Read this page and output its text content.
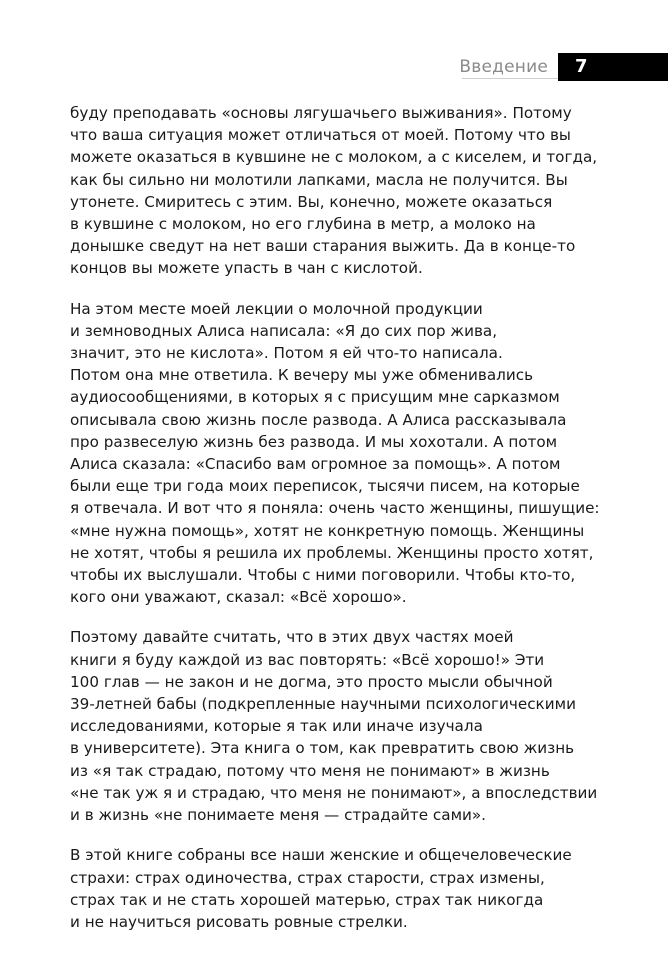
Введение 7

буду преподавать «основы лягушачьего выживания». Потому
что ваша ситуация может отличаться от моей. Потому что вы
можете оказаться в кувшине не с молоком, а с киселем, и тогда,
как бы сильно ни молотили лапками, масла не получится. Вы
утонете. Смиритесь с этим. Вы, конечно, можете оказаться
в кувшине с молоком, но его глубина в метр, а молоко на
донышке сведут на нет ваши старания выжить. Да в конце-то
концов вы можете упасть в чан с кислотой.

На этом месте моей лекции о молочной продукции
и земноводных Алиса написала: «Я до сих пор жива,
значит, это не кислота». Потом я ей что-то написала.
Потом она мне ответила. К вечеру мы уже обменивались
аудиосообщениями, в которых я с присущим мне сарказмом
описывала свою жизнь после развода. А Алиса рассказывала
про развеселую жизнь без развода. И мы хохотали. А потом
Алиса сказала: «Спасибо вам огромное за помощь». А потом
были еще три года моих переписок, тысячи писем, на которые
я отвечала. И вот что я поняла: очень часто женщины, пишущие:
«мне нужна помощь», хотят не конкретную помощь. Женщины
не хотят, чтобы я решила их проблемы. Женщины просто хотят,
чтобы их выслушали. Чтобы с ними поговорили. Чтобы кто-то,
кого они уважают, сказал: «Всё хорошо».

Поэтому давайте считать, что в этих двух частях моей
книги я буду каждой из вас повторять: «Всё хорошо!» Эти
100 глав — не закон и не догма, это просто мысли обычной
39-летней бабы (подкрепленные научными психологическими
исследованиями, которые я так или иначе изучала
в университете). Эта книга о том, как превратить свою жизнь
из «я так страдаю, потому что меня не понимают» в жизнь
«не так уж я и страдаю, что меня не понимают», а впоследствии
и в жизнь «не понимаете меня — страдайте сами».

В этой книге собраны все наши женские и общечеловеческие
страхи: страх одиночества, страх старости, страх измены,
страх так и не стать хорошей матерью, страх так никогда
и не научиться рисовать ровные стрелки.
